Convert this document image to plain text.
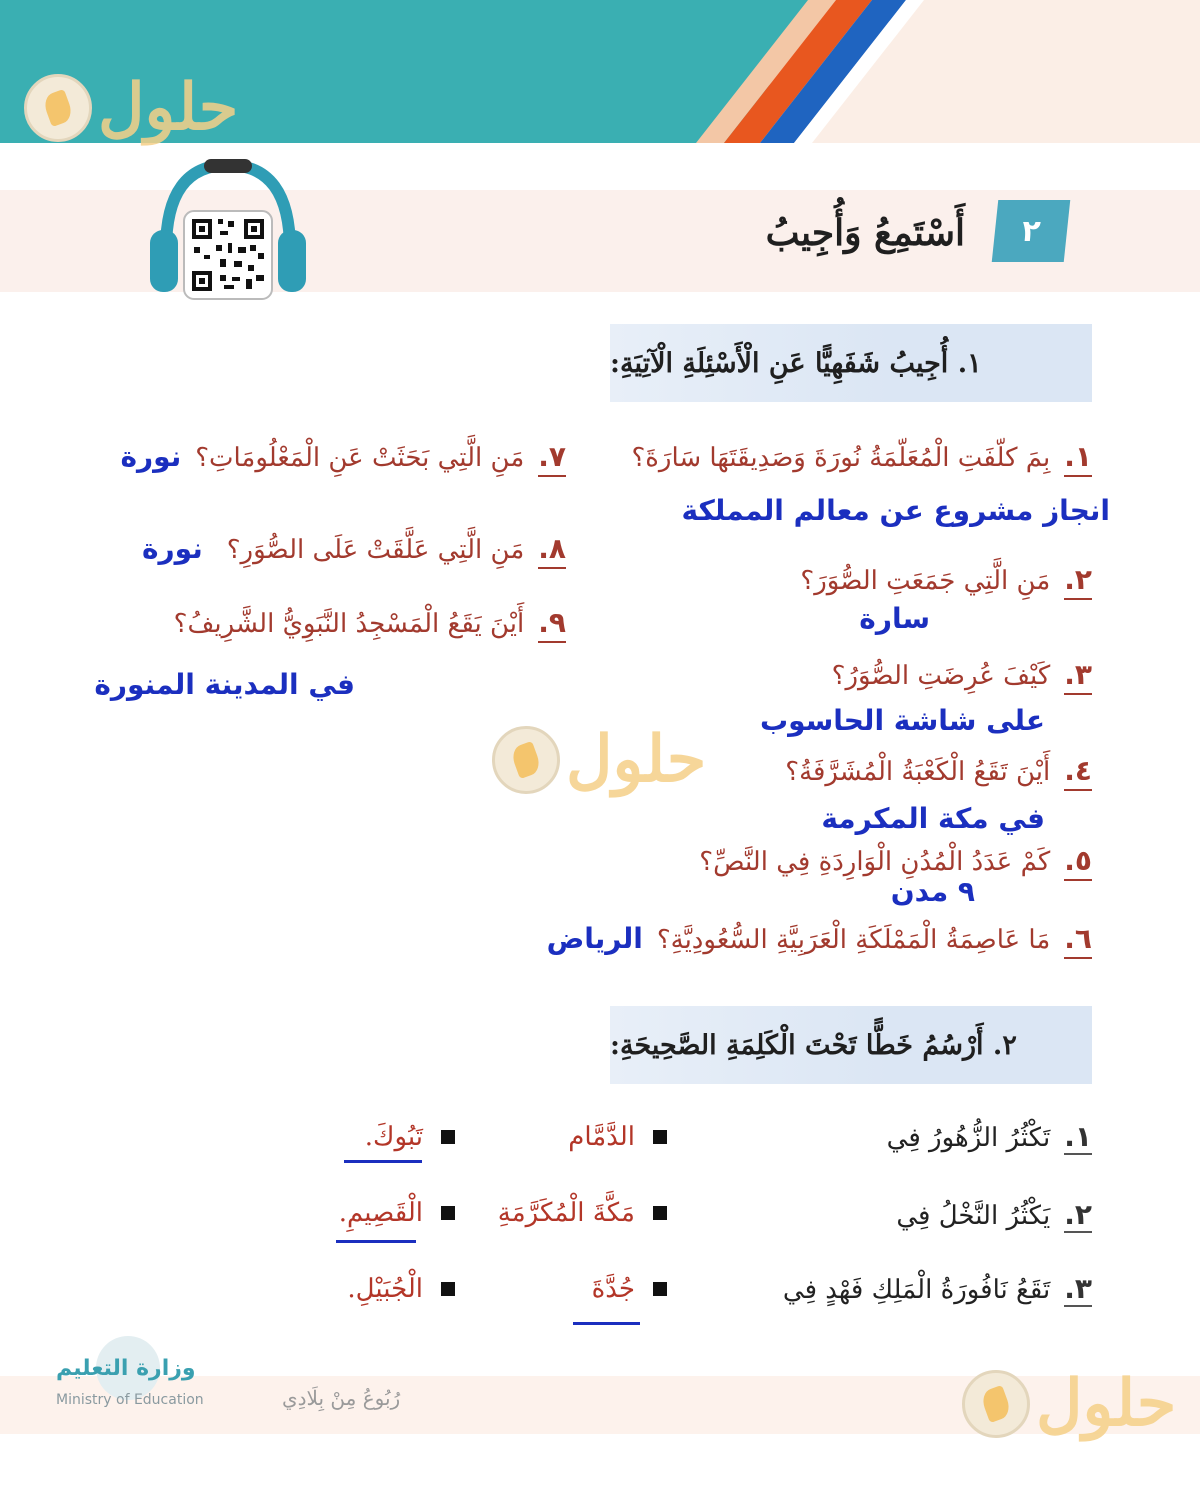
حلول
٢
أَسْتَمِعُ وَأُجِيبُ
١. أُجِيبُ شَفَهِيًّا عَنِ الْأَسْئِلَةِ الْآتِيَةِ:
١.
بِمَ كلّفَتِ الْمُعَلّمَةُ نُورَةَ وَصَدِيقَتَهَا سَارَةَ؟
انجاز مشروع عن معالم المملكة
٢.
مَنِ الَّتِي جَمَعَتِ الصُّوَرَ؟
سارة
٣.
كَيْفَ عُرِضَتِ الصُّوَرُ؟
على شاشة الحاسوب
٤.
أَيْنَ تَقَعُ الْكَعْبَةُ الْمُشَرَّفَةُ؟
في مكة المكرمة
٥.
كَمْ عَدَدُ الْمُدُنِ الْوَارِدَةِ فِي النَّصِّ؟
٩ مدن
٦.
مَا عَاصِمَةُ الْمَمْلَكَةِ الْعَرَبِيَّةِ السُّعُودِيَّةِ؟
الرياض
٧.
مَنِ الَّتِي بَحَثَتْ عَنِ الْمَعْلُومَاتِ؟
نورة
٨.
مَنِ الَّتِي عَلَّقَتْ عَلَى الصُّوَرِ؟
نورة
٩.
أَيْنَ يَقَعُ الْمَسْجِدُ النَّبَوِيُّ الشَّرِيفُ؟
في المدينة المنورة
حلول
٢. أَرْسُمُ خَطًّا تَحْتَ الْكَلِمَةِ الصَّحِيحَةِ:
١.
تَكْثُرُ الزُّهُورُ فِي
الدَّمَّام
تَبُوكَ.
٢.
يَكْثُرُ النَّخْلُ فِي
مَكَّةَ الْمُكَرَّمَةِ
الْقَصِيمِ.
٣.
تَقَعُ نَافُورَةُ الْمَلِكِ فَهْدٍ فِي
جُدَّةَ
الْجُبَيْلِ.
وزارة التعليم
Ministry of Education	رُبُوعُ مِنْ بِلَادِي	حلول
